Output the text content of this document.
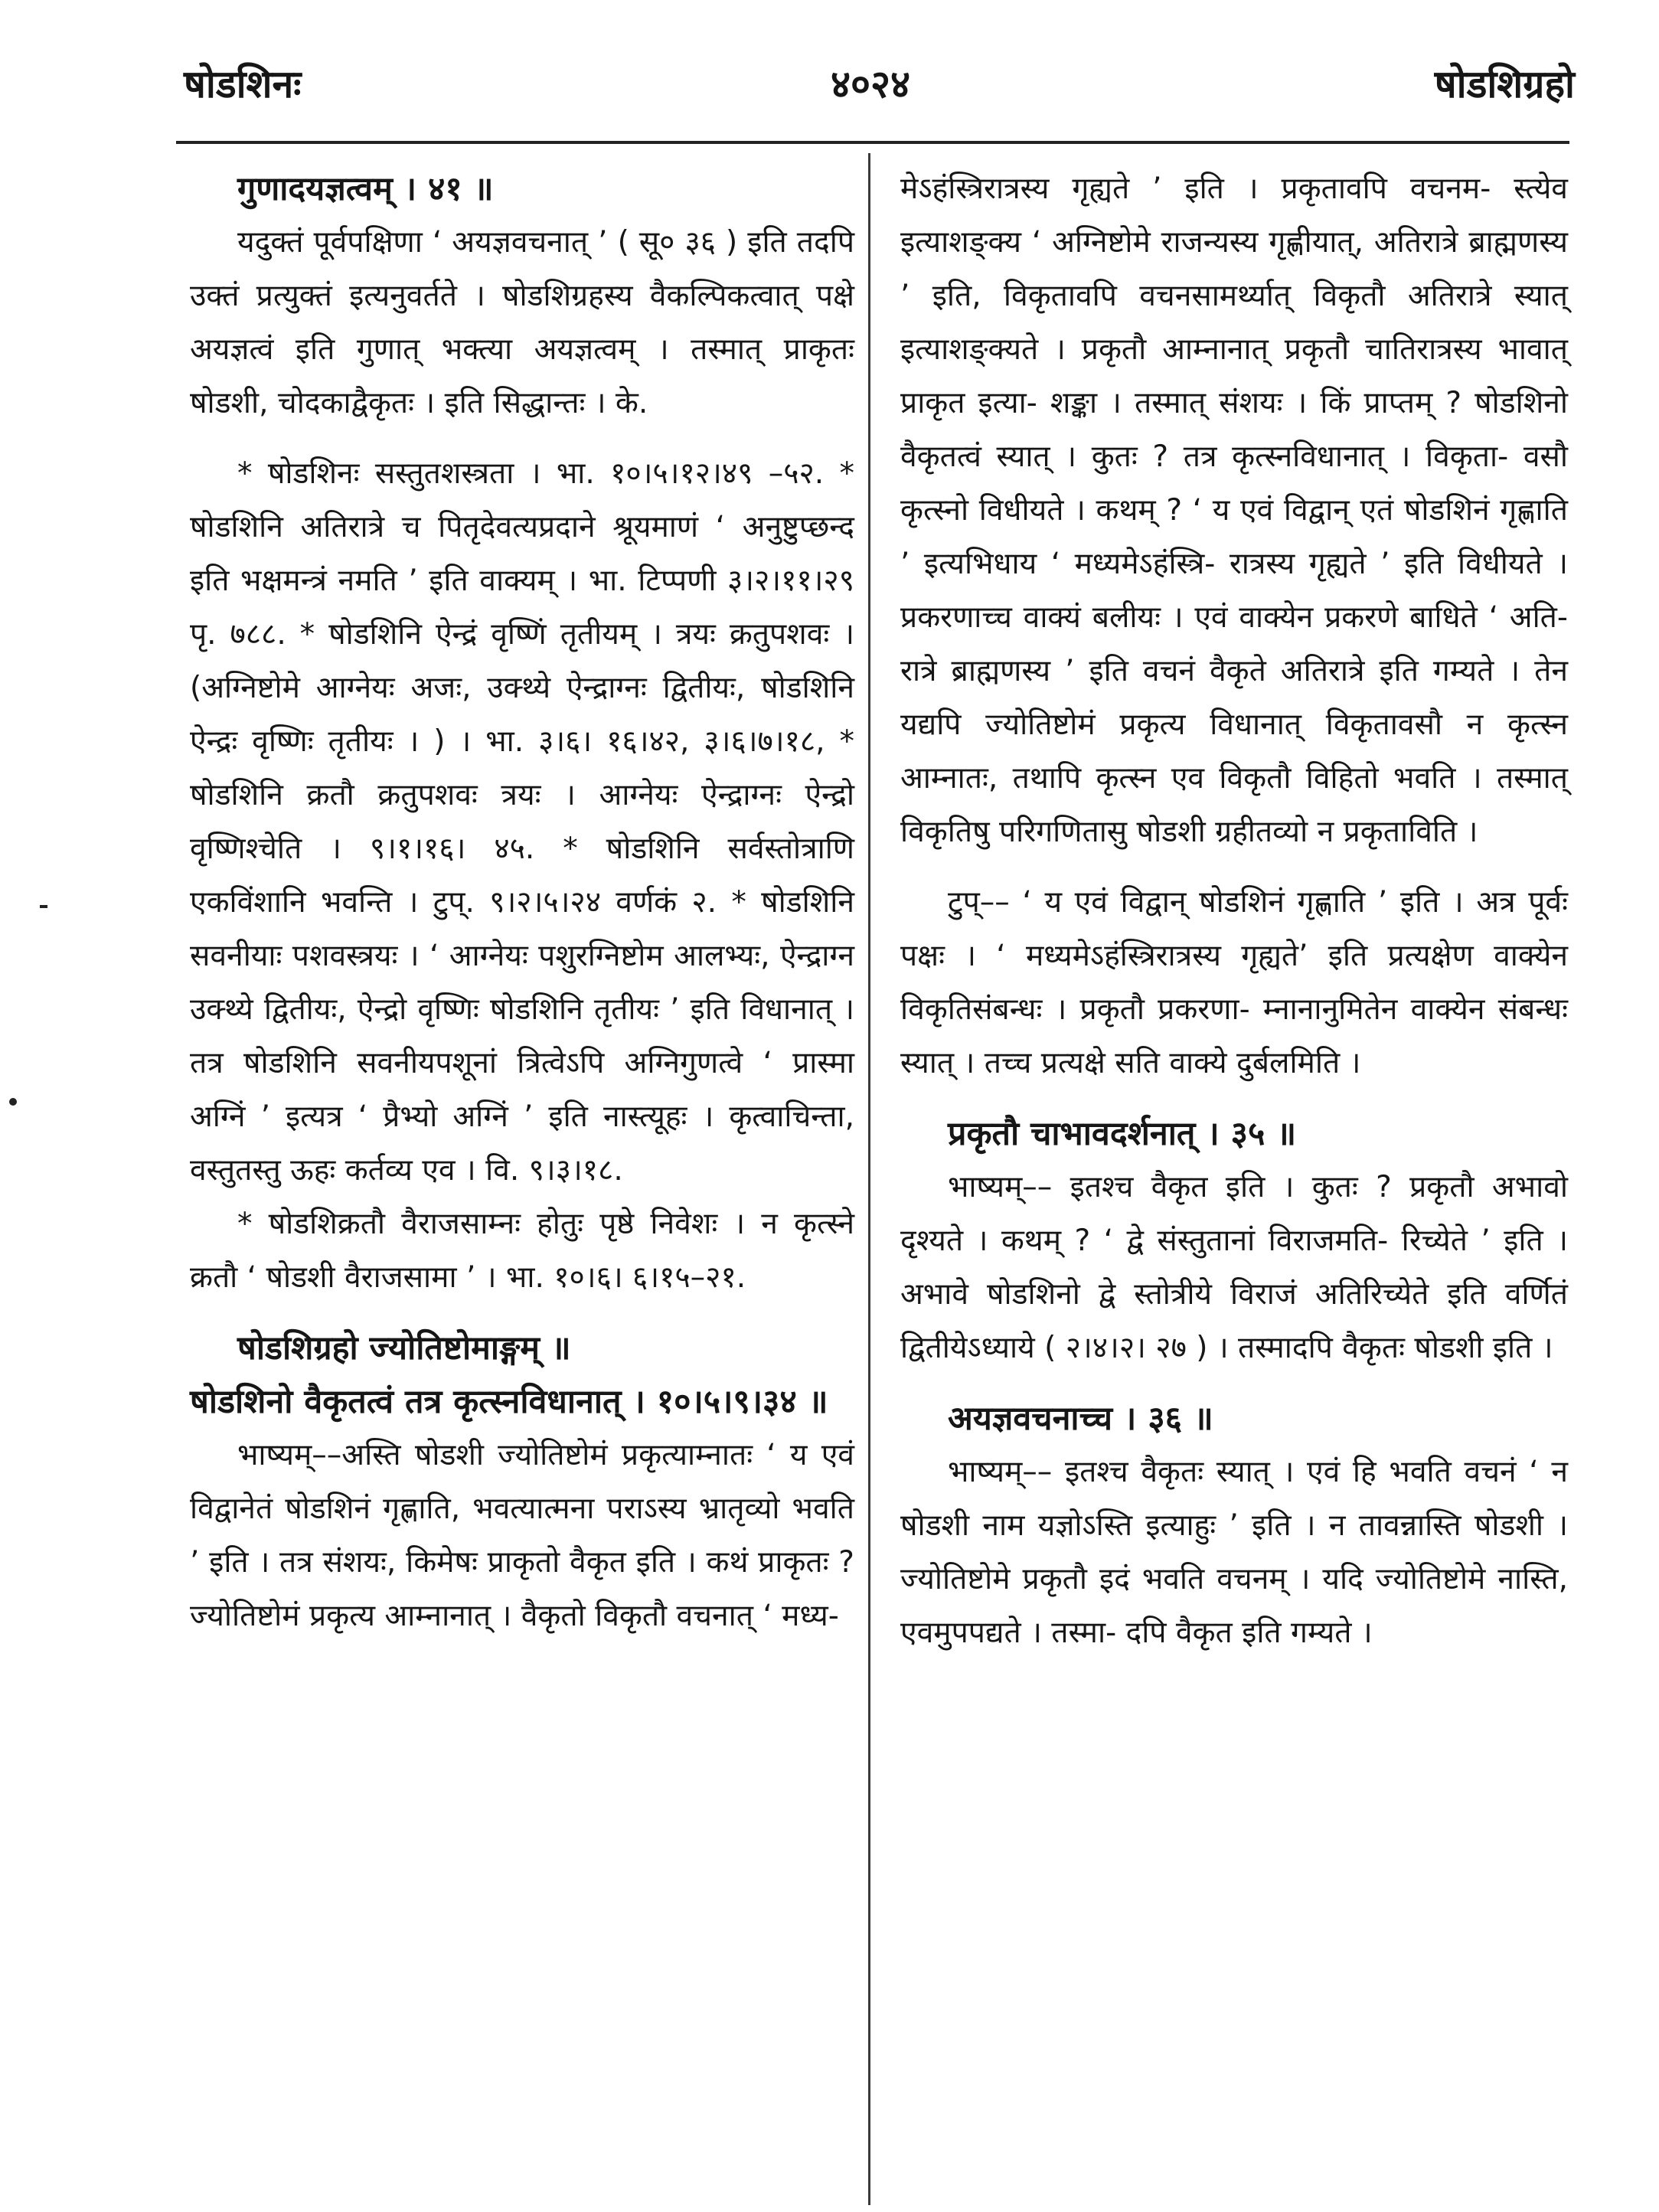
षोडशिनः	४०२४	षोडशिग्रहो

गुणादयज्ञत्वम् । ४१ ॥

यदुक्तं पूर्वपक्षिणा ‘ अयज्ञवचनात् ’ ( सू० ३६ ) इति तदपि उक्तं प्रत्युक्तं इत्यनुवर्तते । षोडशिग्रहस्य वैकल्पिकत्वात् पक्षे अयज्ञत्वं इति गुणात् भक्त्या अयज्ञत्वम् । तस्मात् प्राकृतः षोडशी, चोदकाद्वैकृतः । इति सिद्धान्तः । के.

* षोडशिनः सस्तुतशस्त्रता । भा. १०।५।१२।४९ –५२. * षोडशिनि अतिरात्रे च पितृदेवत्यप्रदाने श्रूयमाणं ‘ अनुष्टुप्छन्द इति भक्षमन्त्रं नमति ’ इति वाक्यम् । भा. टिप्पणी ३।२।११।२९ पृ. ७८८. * षोडशिनि ऐन्द्रं वृष्णिं तृतीयम् । त्रयः क्रतुपशवः । (अग्निष्टोमे आग्नेयः अजः, उक्थ्ये ऐन्द्राग्नः द्वितीयः, षोडशिनि ऐन्द्रः वृष्णिः तृतीयः । ) । भा. ३।६। १६।४२, ३।६।७।१८, * षोडशिनि क्रतौ क्रतुपशवः त्रयः । आग्नेयः ऐन्द्राग्नः ऐन्द्रो वृष्णिश्चेति । ९।१।१६। ४५. * षोडशिनि सर्वस्तोत्राणि एकविंशानि भवन्ति । टुप्. ९।२।५।२४ वर्णकं २. * षोडशिनि सवनीयाः पशवस्त्रयः । ‘ आग्नेयः पशुरग्निष्टोम आलभ्यः, ऐन्द्राग्न उक्थ्ये द्वितीयः, ऐन्द्रो वृष्णिः षोडशिनि तृतीयः ’ इति विधानात् । तत्र षोडशिनि सवनीयपशूनां त्रित्वेऽपि अग्निगुणत्वे ‘ प्रास्मा अग्निं ’ इत्यत्र ‘ प्रैभ्यो अग्निं ’ इति नास्त्यूहः । कृत्वाचिन्ता, वस्तुतस्तु ऊहः कर्तव्य एव । वि. ९।३।१८.

* षोडशिक्रतौ वैराजसाम्नः होतुः पृष्ठे निवेशः । न कृत्स्ने क्रतौ ‘ षोडशी वैराजसामा ’ । भा. १०।६। ६।१५–२१.

षोडशिग्रहो ज्योतिष्टोमाङ्गम् ॥

षोडशिनो वैकृतत्वं तत्र कृत्स्नविधानात् । १०।५।९।३४ ॥

भाष्यम्––अस्ति षोडशी ज्योतिष्टोमं प्रकृत्याम्नातः ‘ य एवं विद्वानेतं षोडशिनं गृह्णाति, भवत्यात्मना पराऽस्य भ्रातृव्यो भवति ’ इति । तत्र संशयः, किमेषः प्राकृतो वैकृत इति । कथं प्राकृतः ? ज्योतिष्टोमं प्रकृत्य आम्नानात् । वैकृतो विकृतौ वचनात् ‘ मध्य-

मेऽहंस्त्रिरात्रस्य गृह्यते ’ इति । प्रकृतावपि वचनम- स्त्येव इत्याशङ्क्य ‘ अग्निष्टोमे राजन्यस्य गृह्णीयात्, अतिरात्रे ब्राह्मणस्य ’ इति, विकृतावपि वचनसामर्थ्यात् विकृतौ अतिरात्रे स्यात् इत्याशङ्क्यते । प्रकृतौ आम्नानात् प्रकृतौ चातिरात्रस्य भावात् प्राकृत इत्या- शङ्का । तस्मात् संशयः । किं प्राप्तम् ? षोडशिनो वैकृतत्वं स्यात् । कुतः ? तत्र कृत्स्नविधानात् । विकृता- वसौ कृत्स्नो विधीयते । कथम् ? ‘ य एवं विद्वान् एतं षोडशिनं गृह्णाति ’ इत्यभिधाय ‘ मध्यमेऽहंस्त्रि- रात्रस्य गृह्यते ’ इति विधीयते । प्रकरणाच्च वाक्यं बलीयः । एवं वाक्येन प्रकरणे बाधिते ‘ अति- रात्रे ब्राह्मणस्य ’ इति वचनं वैकृते अतिरात्रे इति गम्यते । तेन यद्यपि ज्योतिष्टोमं प्रकृत्य विधानात् विकृतावसौ न कृत्स्न आम्नातः, तथापि कृत्स्न एव विकृतौ विहितो भवति । तस्मात् विकृतिषु परिगणितासु षोडशी ग्रहीतव्यो न प्रकृताविति ।

टुप्–– ‘ य एवं विद्वान् षोडशिनं गृह्णाति ’ इति । अत्र पूर्वः पक्षः । ‘ मध्यमेऽहंस्त्रिरात्रस्य गृह्यते’ इति प्रत्यक्षेण वाक्येन विकृतिसंबन्धः । प्रकृतौ प्रकरणा- म्नानानुमितेन वाक्येन संबन्धः स्यात् । तच्च प्रत्यक्षे सति वाक्ये दुर्बलमिति ।

प्रकृतौ चाभावदर्शनात् । ३५ ॥

भाष्यम्–– इतश्च वैकृत इति । कुतः ? प्रकृतौ अभावो दृश्यते । कथम् ? ‘ द्वे संस्तुतानां विराजमति- रिच्येते ’ इति । अभावे षोडशिनो द्वे स्तोत्रीये विराजं अतिरिच्येते इति वर्णितं द्वितीयेऽध्याये ( २।४।२। २७ ) । तस्मादपि वैकृतः षोडशी इति ।

अयज्ञवचनाच्च । ३६ ॥

भाष्यम्–– इतश्च वैकृतः स्यात् । एवं हि भवति वचनं ‘ न षोडशी नाम यज्ञोऽस्ति इत्याहुः ’ इति । न तावन्नास्ति षोडशी । ज्योतिष्टोमे प्रकृतौ इदं भवति वचनम् । यदि ज्योतिष्टोमे नास्ति, एवमुपपद्यते । तस्मा- दपि वैकृत इति गम्यते ।
